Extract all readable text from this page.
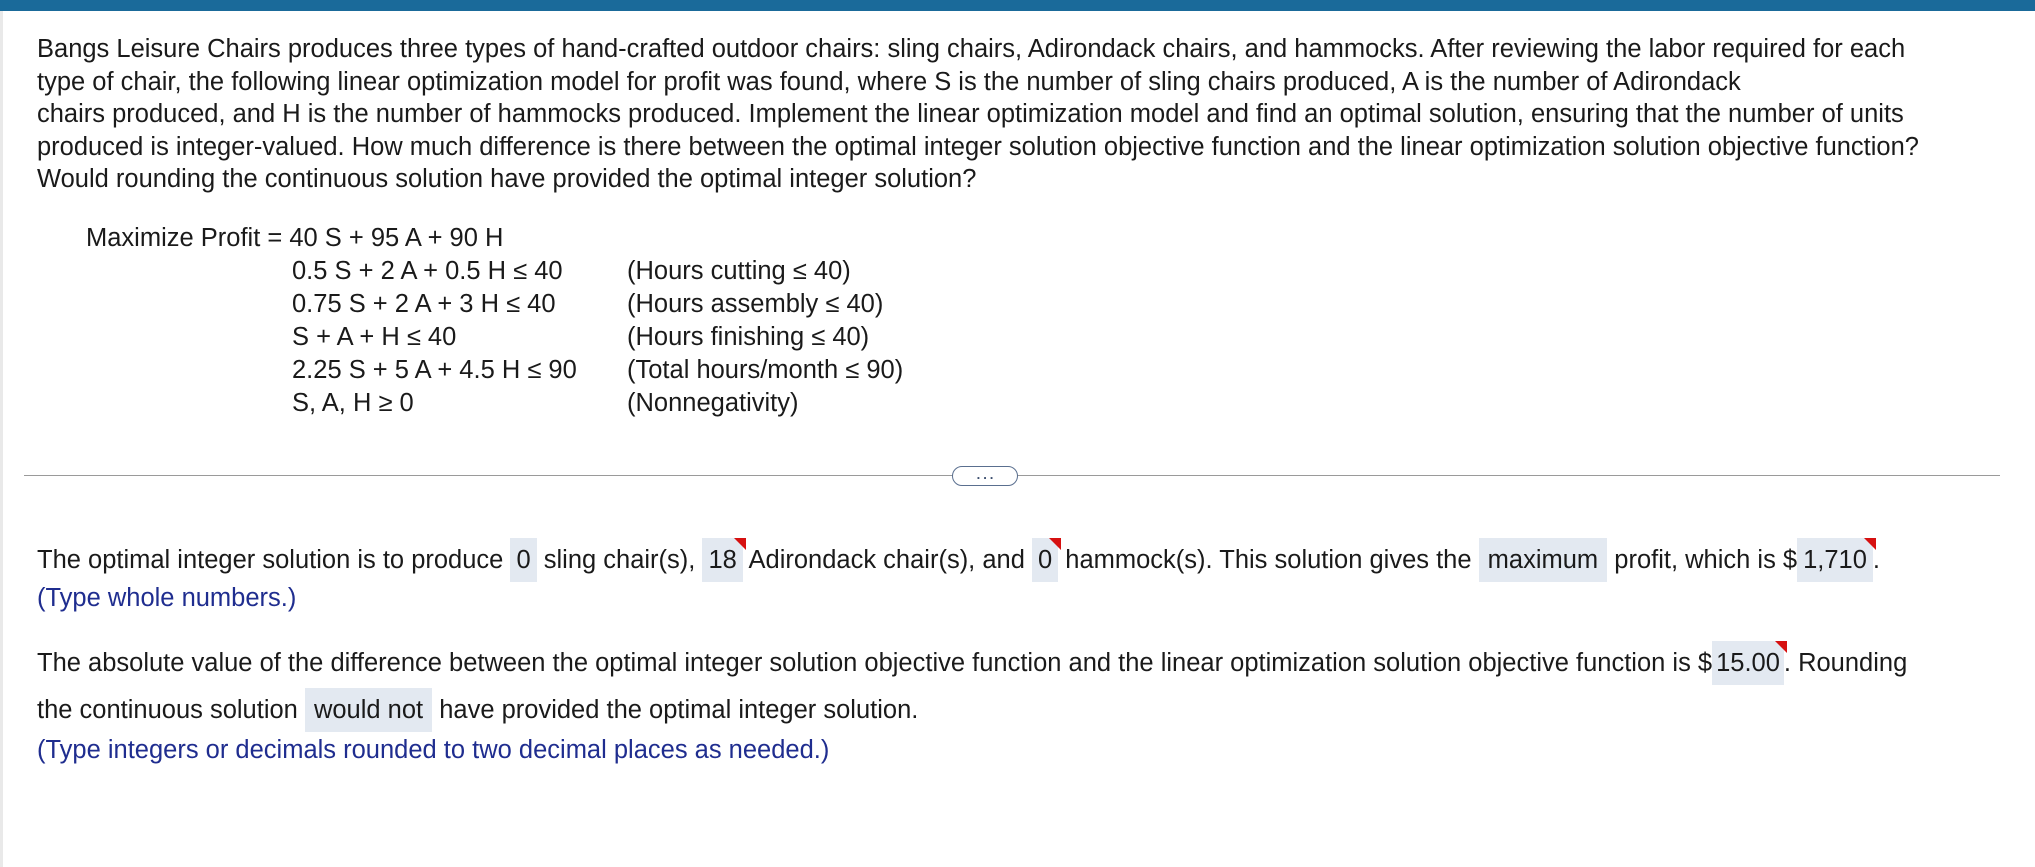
Bangs Leisure Chairs produces three types of hand-crafted outdoor chairs: sling chairs, Adirondack chairs, and hammocks. After reviewing the labor required for each

type of chair, the following linear optimization model for profit was found, where S is the number of sling chairs produced, A is the number of Adirondack

chairs produced, and H is the number of hammocks produced. Implement the linear optimization model and find an optimal solution, ensuring that the number of units

produced is integer-valued. How much difference is there between the optimal integer solution objective function and the linear optimization solution objective function?

Would rounding the continuous solution have provided the optimal integer solution?

Maximize Profit = 40 S + 95 A + 90 H
0.5 S + 2 A + 0.5 H ≤ 40	(Hours cutting ≤ 40)
0.75 S + 2 A + 3 H ≤ 40	(Hours assembly ≤ 40)
S + A + H ≤ 40	(Hours finishing ≤ 40)
2.25 S + 5 A + 4.5 H ≤ 90 (Total hours/month ≤ 90)
S, A, H ≥ 0	(Nonnegativity)
...
The optimal integer solution is to produce 0 sling chair(s), 18 Adirondack chair(s), and 0 hammock(s). This solution gives the maximum profit, which is $ 1,710 .
(Type whole numbers.)
The absolute value of the difference between the optimal integer solution objective function and the linear optimization solution objective function is $ 15.00 . Rounding
the continuous solution would not have provided the optimal integer solution.
(Type integers or decimals rounded to two decimal places as needed.)
